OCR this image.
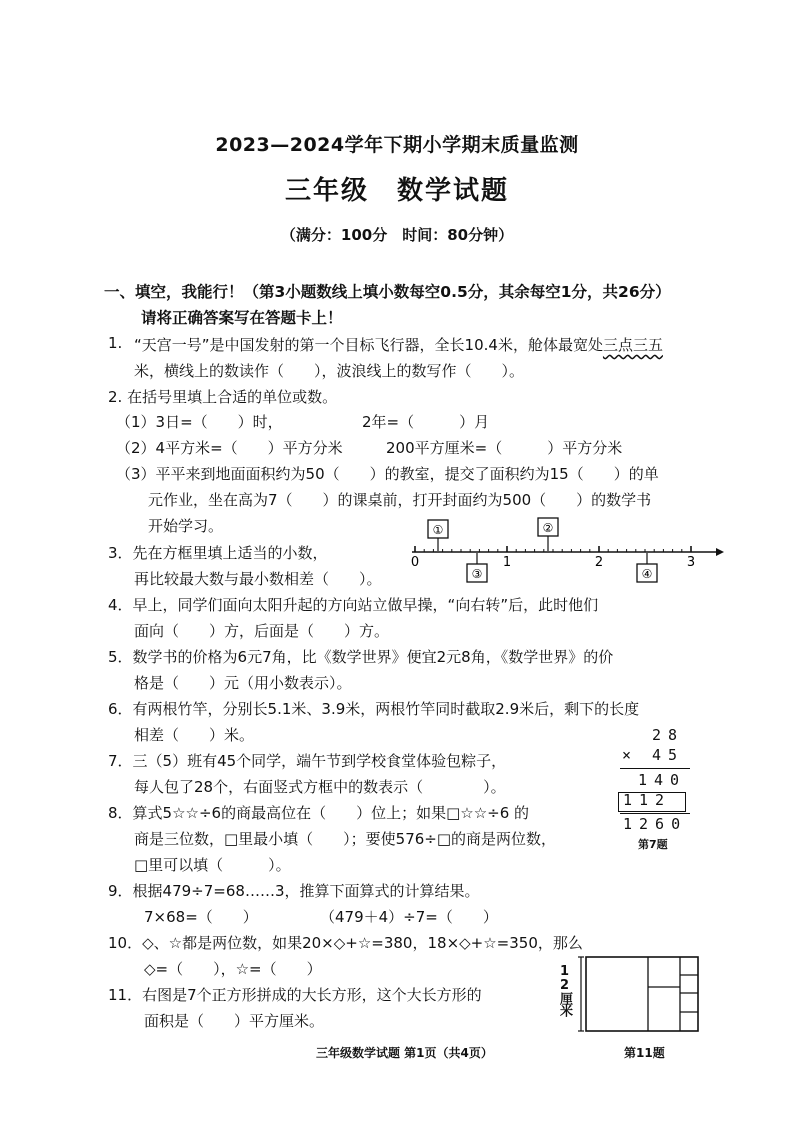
2023—2024学年下期小学期末质量监测
三年级　数学试题
（满分：100分　时间：80分钟）
一、填空，我能行！（第3小题数线上填小数每空0.5分，其余每空1分，共26分）
请将正确答案写在答题卡上！
1. “天宫一号”是中国发射的第一个目标飞行器，全长10.4米，舱体最宽处三点三五
米，横线上的数读作（　　），波浪线上的数写作（　　）。
2. 在括号里填上合适的单位或数。
（1）3日=（　　）时，	2年=（　　　）月
（2）4平方米=（　　）平方分米	200平方厘米=（　　　）平方分米
（3）平平来到地面面积约为50（　　）的教室，提交了面积约为15（　　）的单
元作业，坐在高为7（　　）的课桌前，打开封面约为500（　　）的数学书
开始学习。
3．先在方框里填上适当的小数，
再比较最大数与最小数相差（　　）。
0	1	2	3
①	②
③	④
4．早上，同学们面向太阳升起的方向站立做早操，“向右转”后，此时他们
面向（　　）方，后面是（　　）方。
5．数学书的价格为6元7角，比《数学世界》便宜2元8角，《数学世界》的价
格是（　　）元（用小数表示）。
6．有两根竹竿，分别长5.1米、3.9米，两根竹竿同时截取2.9米后，剩下的长度
相差（　　）米。
7．三（5）班有45个同学，端午节到学校食堂体验包粽子，
每人包了28个，右面竖式方框中的数表示（　　　　）。
28
× 45
140
112
1260
第7题
8．算式5☆☆÷6的商最高位在（　　）位上；如果□☆☆÷6 的
商是三位数，□里最小填（　　）；要使576÷□的商是两位数，
□里可以填（　　　）。
9．根据479÷7=68……3，推算下面算式的计算结果。
7×68=（　　）	（479＋4）÷7=（　　）
10．◇、☆都是两位数，如果20×◇+☆=380，18×◇+☆=350，那么
◇=（　　），☆=（　　）
11．右图是7个正方形拼成的大长方形，这个大长方形的
面积是（　　）平方厘米。
12厘米
第11题
三年级数学试题 第1页（共4页）
